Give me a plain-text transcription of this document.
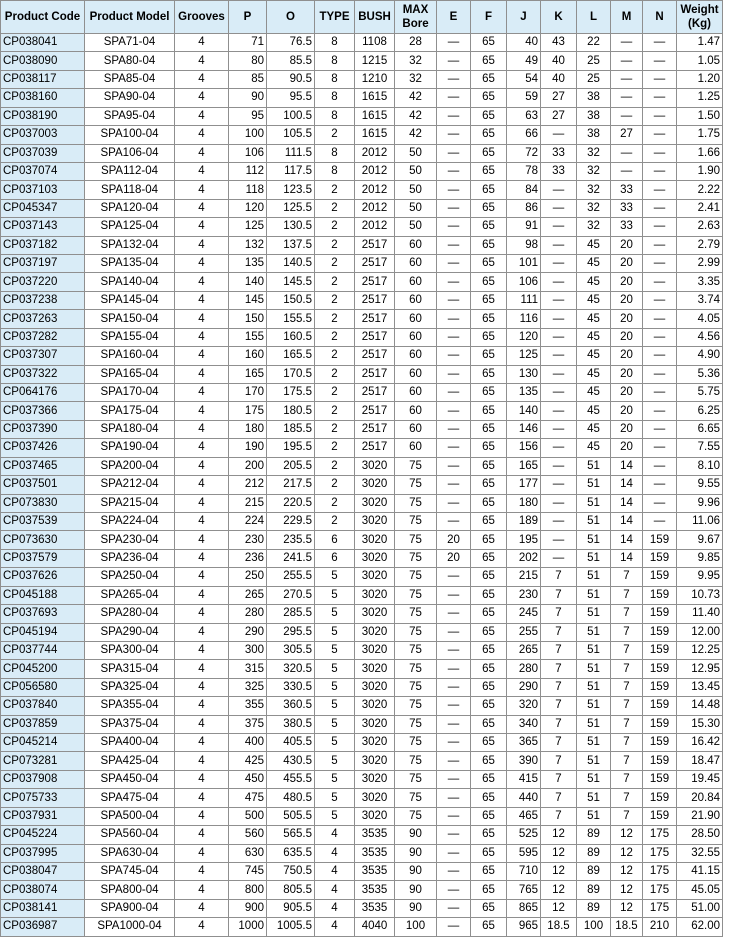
Product Code	Product Model	Grooves	P	O	TYPE	BUSH	MAX Bore	E	F	J	K	L	M	N	Weight (Kg)
CP038041	SPA71-04	4	71	76.5	8	1108	28	—	65	40	43	22	—	—	1.47
CP038090	SPA80-04	4	80	85.5	8	1215	32	—	65	49	40	25	—	—	1.05
CP038117	SPA85-04	4	85	90.5	8	1210	32	—	65	54	40	25	—	—	1.20
CP038160	SPA90-04	4	90	95.5	8	1615	42	—	65	59	27	38	—	—	1.25
CP038190	SPA95-04	4	95	100.5	8	1615	42	—	65	63	27	38	—	—	1.50
CP037003	SPA100-04	4	100	105.5	2	1615	42	—	65	66	—	38	27	—	1.75
CP037039	SPA106-04	4	106	111.5	8	2012	50	—	65	72	33	32	—	—	1.66
CP037074	SPA112-04	4	112	117.5	8	2012	50	—	65	78	33	32	—	—	1.90
CP037103	SPA118-04	4	118	123.5	2	2012	50	—	65	84	—	32	33	—	2.22
CP045347	SPA120-04	4	120	125.5	2	2012	50	—	65	86	—	32	33	—	2.41
CP037143	SPA125-04	4	125	130.5	2	2012	50	—	65	91	—	32	33	—	2.63
CP037182	SPA132-04	4	132	137.5	2	2517	60	—	65	98	—	45	20	—	2.79
CP037197	SPA135-04	4	135	140.5	2	2517	60	—	65	101	—	45	20	—	2.99
CP037220	SPA140-04	4	140	145.5	2	2517	60	—	65	106	—	45	20	—	3.35
CP037238	SPA145-04	4	145	150.5	2	2517	60	—	65	111	—	45	20	—	3.74
CP037263	SPA150-04	4	150	155.5	2	2517	60	—	65	116	—	45	20	—	4.05
CP037282	SPA155-04	4	155	160.5	2	2517	60	—	65	120	—	45	20	—	4.56
CP037307	SPA160-04	4	160	165.5	2	2517	60	—	65	125	—	45	20	—	4.90
CP037322	SPA165-04	4	165	170.5	2	2517	60	—	65	130	—	45	20	—	5.36
CP064176	SPA170-04	4	170	175.5	2	2517	60	—	65	135	—	45	20	—	5.75
CP037366	SPA175-04	4	175	180.5	2	2517	60	—	65	140	—	45	20	—	6.25
CP037390	SPA180-04	4	180	185.5	2	2517	60	—	65	146	—	45	20	—	6.65
CP037426	SPA190-04	4	190	195.5	2	2517	60	—	65	156	—	45	20	—	7.55
CP037465	SPA200-04	4	200	205.5	2	3020	75	—	65	165	—	51	14	—	8.10
CP037501	SPA212-04	4	212	217.5	2	3020	75	—	65	177	—	51	14	—	9.55
CP073830	SPA215-04	4	215	220.5	2	3020	75	—	65	180	—	51	14	—	9.96
CP037539	SPA224-04	4	224	229.5	2	3020	75	—	65	189	—	51	14	—	11.06
CP073630	SPA230-04	4	230	235.5	6	3020	75	20	65	195	—	51	14	159	9.67
CP037579	SPA236-04	4	236	241.5	6	3020	75	20	65	202	—	51	14	159	9.85
CP037626	SPA250-04	4	250	255.5	5	3020	75	—	65	215	7	51	7	159	9.95
CP045188	SPA265-04	4	265	270.5	5	3020	75	—	65	230	7	51	7	159	10.73
CP037693	SPA280-04	4	280	285.5	5	3020	75	—	65	245	7	51	7	159	11.40
CP045194	SPA290-04	4	290	295.5	5	3020	75	—	65	255	7	51	7	159	12.00
CP037744	SPA300-04	4	300	305.5	5	3020	75	—	65	265	7	51	7	159	12.25
CP045200	SPA315-04	4	315	320.5	5	3020	75	—	65	280	7	51	7	159	12.95
CP056580	SPA325-04	4	325	330.5	5	3020	75	—	65	290	7	51	7	159	13.45
CP037840	SPA355-04	4	355	360.5	5	3020	75	—	65	320	7	51	7	159	14.48
CP037859	SPA375-04	4	375	380.5	5	3020	75	—	65	340	7	51	7	159	15.30
CP045214	SPA400-04	4	400	405.5	5	3020	75	—	65	365	7	51	7	159	16.42
CP073281	SPA425-04	4	425	430.5	5	3020	75	—	65	390	7	51	7	159	18.47
CP037908	SPA450-04	4	450	455.5	5	3020	75	—	65	415	7	51	7	159	19.45
CP075733	SPA475-04	4	475	480.5	5	3020	75	—	65	440	7	51	7	159	20.84
CP037931	SPA500-04	4	500	505.5	5	3020	75	—	65	465	7	51	7	159	21.90
CP045224	SPA560-04	4	560	565.5	4	3535	90	—	65	525	12	89	12	175	28.50
CP037995	SPA630-04	4	630	635.5	4	3535	90	—	65	595	12	89	12	175	32.55
CP038047	SPA745-04	4	745	750.5	4	3535	90	—	65	710	12	89	12	175	41.15
CP038074	SPA800-04	4	800	805.5	4	3535	90	—	65	765	12	89	12	175	45.05
CP038141	SPA900-04	4	900	905.5	4	3535	90	—	65	865	12	89	12	175	51.00
CP036987	SPA1000-04	4	1000	1005.5	4	4040	100	—	65	965	18.5	100	18.5	210	62.00
